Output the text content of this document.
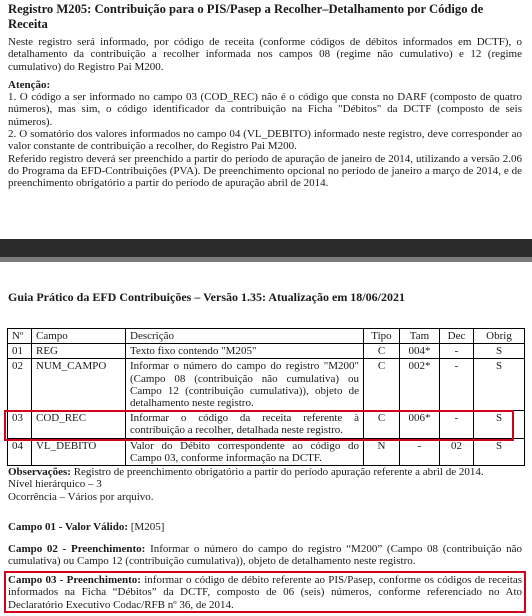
Registro M205: Contribuição para o PIS/Pasep a Recolher–Detalhamento por Código de Receita
Neste registro será informado, por código de receita (conforme códigos de débitos informados em DCTF), o detalhamento da contribuição a recolher informada nos campos 08 (regime não cumulativo) e 12 (regime cumulativo) do Registro Pai M200.
Atenção:
1. O código a ser informado no campo 03 (COD_REC) não é o código que consta no DARF (composto de quatro números), mas sim, o código identificador da contribuição na Ficha "Débitos" da DCTF (composto de seis números).
2. O somatório dos valores informados no campo 04 (VL_DEBITO) informado neste registro, deve corresponder ao valor constante de contribuição a recolher, do Registro Pai M200.
Referido registro deverá ser preenchido a partir do período de apuração de janeiro de 2014, utilizando a versão 2.06 do Programa da EFD-Contribuições (PVA). De preenchimento opcional no período de janeiro a março de 2014, e de preenchimento obrigatório a partir do período de apuração abril de 2014.
Guia Prático da EFD Contribuições – Versão 1.35: Atualização em 18/06/2021
Nº	Campo	Descrição	Tipo	Tam	Dec	Obrig
01	REG	Texto fixo contendo "M205"	C	004*	-	S
02	NUM_CAMPO	Informar o número do campo do registro "M200" (Campo 08 (contribuição não cumulativa) ou Campo 12 (contribuição cumulativa)), objeto de detalhamento neste registro.	C	002*	-	S
03	COD_REC	Informar o código da receita referente à contribuição a recolher, detalhada neste registro.	C	006*	-	S
04	VL_DEBITO	Valor do Débito correspondente ao código do Campo 03, conforme informação na DCTF.	N	-	02	S
Observações: Registro de preenchimento obrigatório a partir do período apuração referente a abril de 2014.
Nível hierárquico – 3
Ocorrência – Vários por arquivo.
Campo 01 - Valor Válido: [M205]
Campo 02 - Preenchimento: Informar o número do campo do registro “M200” (Campo 08 (contribuição não cumulativa) ou Campo 12 (contribuição cumulativa)), objeto de detalhamento neste registro.
Campo 03 - Preenchimento: informar o código de débito referente ao PIS/Pasep, conforme os códigos de receitas informados na Ficha “Débitos” da DCTF, composto de 06 (seis) números, conforme referenciado no Ato Declaratório Executivo Codac/RFB nº 36, de 2014.
